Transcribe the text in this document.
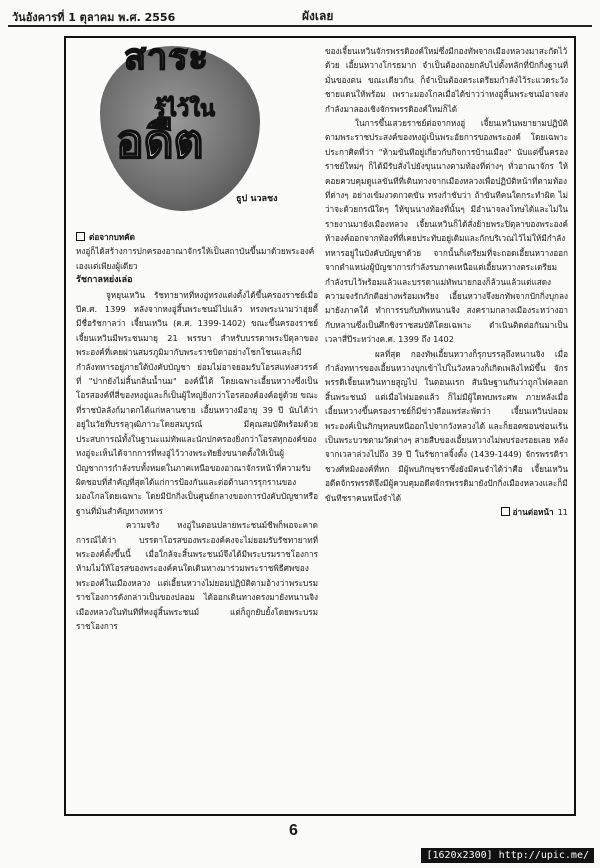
วันอังคารที่ 1 ตุลาคม พ.ศ. 2556	ผังเลย
สาระ
รู้ไว้ใน
อดีต
ธูป นวลชง

ต่อจากบทคัด

หงอู่ก็ได้สร้างการปกครองอาณาจักรให้เป็นสถาบันขึ้นมาด้วยพระองค์เองแต่เพียงผู้เดียว

รัชกาลหย่งเล่อ

จูหยุนเหวิน รัชทายาทที่หงอู่ทรงแต่งตั้งได้ขึ้นครองราชย์เมื่อปีค.ศ. 1399 หลังจากหงอู่สิ้นพระชนม์ไปแล้ว ทรงพระนามว่าฮุ่ยตี้ มีชื่อรัชกาลว่า เจี้ยนเหวิน (ค.ศ. 1399-1402) ขณะขึ้นครองราชย์ เจี้ยนเหวินมีพระชนมายุ 21 พรรษา สำหรับบรรดาพระปิตุลาของพระองค์ที่เคยผ่านสมรภูมิมากับพระราชบิดาอย่างโชกโชนและก็มีกำลังทหารอยู่ภายใต้บังคับบัญชา ย่อมไม่อาจยอมรับโอรสแห่งสวรรค์ที่ "ปากยังไม่สิ้นกลิ่นน้ำนม" องค์นี้ได้ โดยเฉพาะเอี้ยนหวางซึ่งเป็นโอรสองค์ที่สี่ของหงอู่และก็เป็นผู้ใหญ่ยิ่งกว่าโอรสองค์องค์อยู่ด้วย ขณะที่ราชบัลลังก์มาตกได้แก่หลานชาย เอี้ยนหวางมีอายุ 39 ปี นับได้ว่า อยู่ในวัยที่บรรลุวุฒิภาวะโดยสมบูรณ์ มีคุณสมบัติพร้อมด้วยประสบการณ์ทั้งในฐานะแม่ทัพและนักปกครองยิ่งกว่าโอรสทุกองค์ของหงอู่จะเห็นได้จากการที่หงอู่ไว้วางพระทัยยิ่งขนาดตั้งให้เป็นผู้บัญชาการกำลังรบทั้งหมดในภาคเหนือของอาณาจักรหน้าที่ความรับผิดชอบที่สำคัญที่สุดได้แก่การป้องกันและต่อต้านการรุกรานของมองโกลโดยเฉพาะ โดยมีปักกิ่งเป็นศูนย์กลางของการบังคับบัญชาหรือฐานที่มั่นสำคัญทางทหาร

ความจริง หงอู่ในตอนปลายพระชนม์ชีพก็พอจะคาดการณ์ได้ว่า บรรดาโอรสของพระองค์คงจะไม่ยอมรับรัชทายาทที่พระองค์ตั้งขึ้นนี้ เมื่อใกล้จะสิ้นพระชนม์จึงได้มีพระบรมราชโองการห้ามไม่ให้โอรสของพระองค์คนใดเดินทางมาร่วมพระราชพิธีศพของพระองค์ในเมืองหลวง แต่เอี้ยนหวางไม่ยอมปฏิบัติตามอ้างว่าพระบรมราชโองการดังกล่าวเป็นของปลอม ได้ออกเดินทางตรงมายังหนานจิงเมืองหลวงในทันทีที่หงอู่สิ้นพระชนม์ แต่ก็ถูกยับยั้งโดยพระบรมราชโองการ

ของเจี้ยนเหวินจักรพรรดิองค์ใหม่ซึ่งมีกองทัพจากเมืองหลวงมาสะกัดไว้ด้วย เอี้ยนหวางโกรธมาก จำเป็นต้องถอยกลับไปตั้งหลักที่ปักกิ่งฐานที่มั่นของตน ขณะเดียวกัน ก็จำเป็นต้องตระเตรียมกำลังไว้ระแวดระวังชายแดนให้พร้อม เพราะมองโกลเมื่อได้ข่าวว่าหงอู่สิ้นพระชนม์อาจส่งกำลังมาลองเชิงจักรพรรดิองค์ใหม่ก็ได้

ในการขึ้นเสวยราชย์ต่อจากหงอู่ เจี้ยนเหวินพยายามปฏิบัติตามพระราชประสงค์ของหงอู่เป็นพระอัยการของพระองค์ โดยเฉพาะประกาศิตที่ว่า "ห้ามขันทีอยู่เกี่ยวกับกิจการบ้านเมือง" นับแต่ขึ้นครองราชย์ใหม่ๆ ก็ได้มีรับสั่งไปยังขุนนางตามท้องที่ต่างๆ ทั่วอาณาจักร ให้คอยควบคุมดูแลขันทีที่เดินทางจากเมืองหลวงเพื่อปฏิบัติหน้าที่ตามท้องที่ต่างๆ อย่างเข้มงวดกวดขัน ทรงกำชับว่า ถ้าขันทีคนใดกระทำผิด ไม่ว่าจะด้วยกรณีใดๆ ให้ขุนนางท้องที่นั้นๆ มีอำนาจลงโทษได้และไม่ในรายงานมายังเมืองหลวง เจี้ยนเหวินก็ได้สั่งย้ายพระปิตุลาของพระองค์ห้าองค์ออกจากท้องที่ที่เคยประทับอยู่เดิมและกักบริเวณไว้ไม่ให้มีกำลังทหารอยู่ในบังคับบัญชาด้วย จากนั้นก็เตรียมที่จะถอดเอี้ยนหวางออกจากตำแหน่งผู้บัญชาการกำลังรบภาคเหนือแต่เอี้ยนหวางตระเตรียมกำลังรบไว้พร้อมแล้วและบรรดาแม่ทัพนายกองก็ล้วนแล้วแต่แสดงความจงรักภักดีอย่างพร้อมเพรียง เอี้ยนหวางจึงยกทัพจากปักกิ่งบุกลงมายังภาคใต้ ทำการรบกับทัพหนานจิง สงครามกลางเมืองระหว่างอากับหลานซึ่งเป็นศึกชิงราชสมบัติโดยเฉพาะ ดำเนินติดต่อกันมาเป็นเวลาสี่ปีระหว่างค.ศ. 1399 ถึง 1402

ผลที่สุด กองทัพเอี้ยนหวางก็รุกบรรลุถึงหนานจิง เมื่อกำลังทหารของเอี้ยนหวางบุกเข้าไปในวังหลวงก็เกิดเพลิงไหม้ขึ้น จักรพรรดิเจี้ยนเหวินหายสูญไป ในตอนแรก สันนิษฐานกันว่าถูกไฟคลอกสิ้นพระชนม์ แต่เมื่อไฟมอดแล้ว ก็ไม่มีผู้ใดพบพระศพ ภายหลังเมื่อเอี้ยนหวางขึ้นครองราชย์ก็มีข่าวลือแพร่สะพัดว่า เจี้ยนเหวินปลอมพระองค์เป็นภิกษุหลบหนีออกไปจากวังหลวงได้ และก็ยอดซอนซ่อนเร้นเป็นพระบวชตามวัดต่างๆ สายสืบของเอี้ยนหวางไม่พบร่องรอยเลย หลังจากเวลาล่วงไปถึง 39 ปี ในรัชกาลจิ้งตั้ง (1439-1449) จักรพรรดิราชวงศ์หมิงองค์ที่หก มีผู้พบภิกษุชราซึ่งยังมีคนจำได้ว่าคือ เจี้ยนเหวินอดีตจักรพรรดิจึงมีผู้ควบคุมอดีตจักรพรรดิมายังปักกิ่งเมืองหลวงและก็มีขันทีชราคนหนึ่งจำได้

อ่านต่อหน้า 11

6
[1620x2300] http://upic.me/
